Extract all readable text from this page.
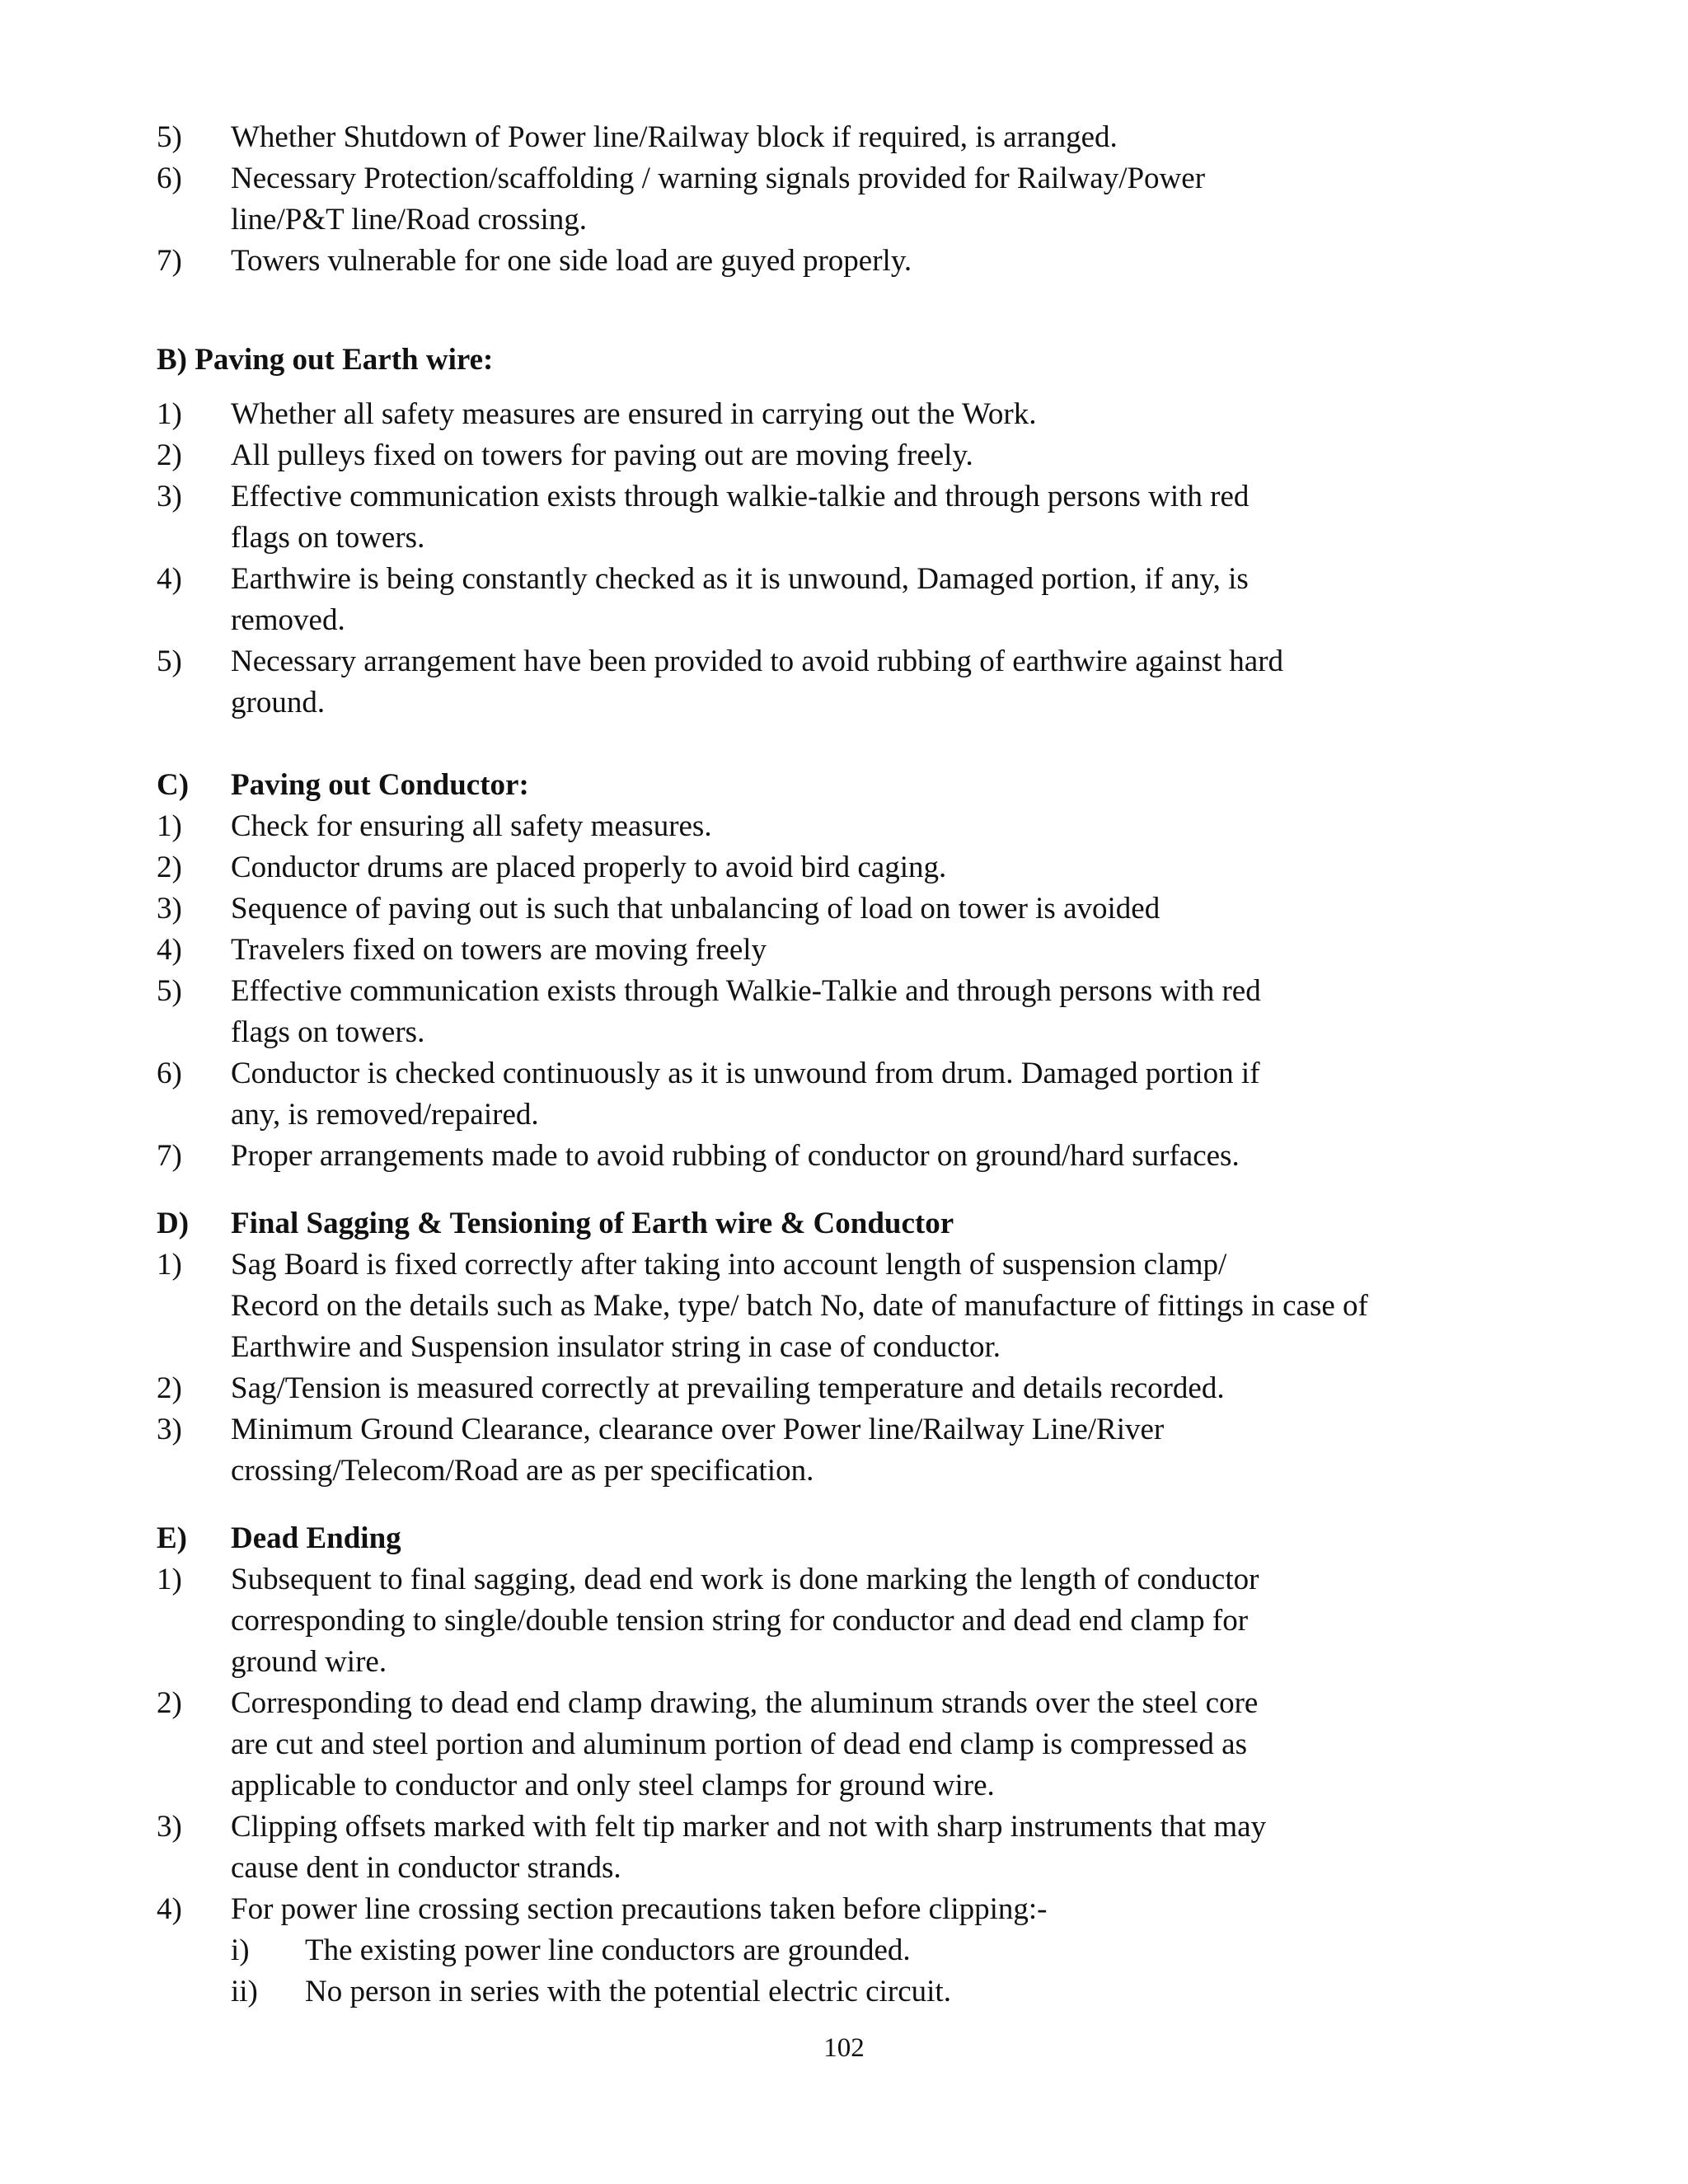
5)	Whether Shutdown of Power line/Railway block if required, is arranged.
6)	Necessary Protection/scaffolding / warning signals provided for Railway/Power
line/P&T line/Road crossing.
7)	Towers vulnerable for one side load are guyed properly.
B) Paving out Earth wire:
1)	Whether all safety measures are ensured in carrying out the Work.
2)	All pulleys fixed on towers for paving out are moving freely.
3)	Effective communication exists through walkie-talkie and through persons with red
flags on towers.
4)	Earthwire is being constantly checked as it is unwound, Damaged portion, if any, is
removed.
5)	Necessary arrangement have been provided to avoid rubbing of earthwire against hard
ground.
C)	Paving out Conductor:
1)	Check for ensuring all safety measures.
2)	Conductor drums are placed properly to avoid bird caging.
3)	Sequence of paving out is such that unbalancing of load on tower is avoided
4)	Travelers fixed on towers are moving freely
5)	Effective communication exists through Walkie-Talkie and through persons with red
flags on towers.
6)	Conductor is checked continuously as it is unwound from drum. Damaged portion if
any, is removed/repaired.
7)	Proper arrangements made to avoid rubbing of conductor on ground/hard surfaces.
D)	Final Sagging & Tensioning of Earth wire & Conductor
1)	Sag Board is fixed correctly after taking into account length of suspension clamp/
Record on the details such as Make, type/ batch No, date of manufacture of fittings in case of
Earthwire and Suspension insulator string in case of conductor.
2)	Sag/Tension is measured correctly at prevailing temperature and details recorded.
3)	Minimum Ground Clearance, clearance over Power line/Railway Line/River
crossing/Telecom/Road are as per specification.
E)	Dead Ending
1)	Subsequent to final sagging, dead end work is done marking the length of conductor
corresponding to single/double tension string for conductor and dead end clamp for
ground wire.
2)	Corresponding to dead end clamp drawing, the aluminum strands over the steel core
are cut and steel portion and aluminum portion of dead end clamp is compressed as
applicable to conductor and only steel clamps for ground wire.
3)	Clipping offsets marked with felt tip marker and not with sharp instruments that may
cause dent in conductor strands.
4)	For power line crossing section precautions taken before clipping:-
i)	The existing power line conductors are grounded.
ii)	No person in series with the potential electric circuit.
102
